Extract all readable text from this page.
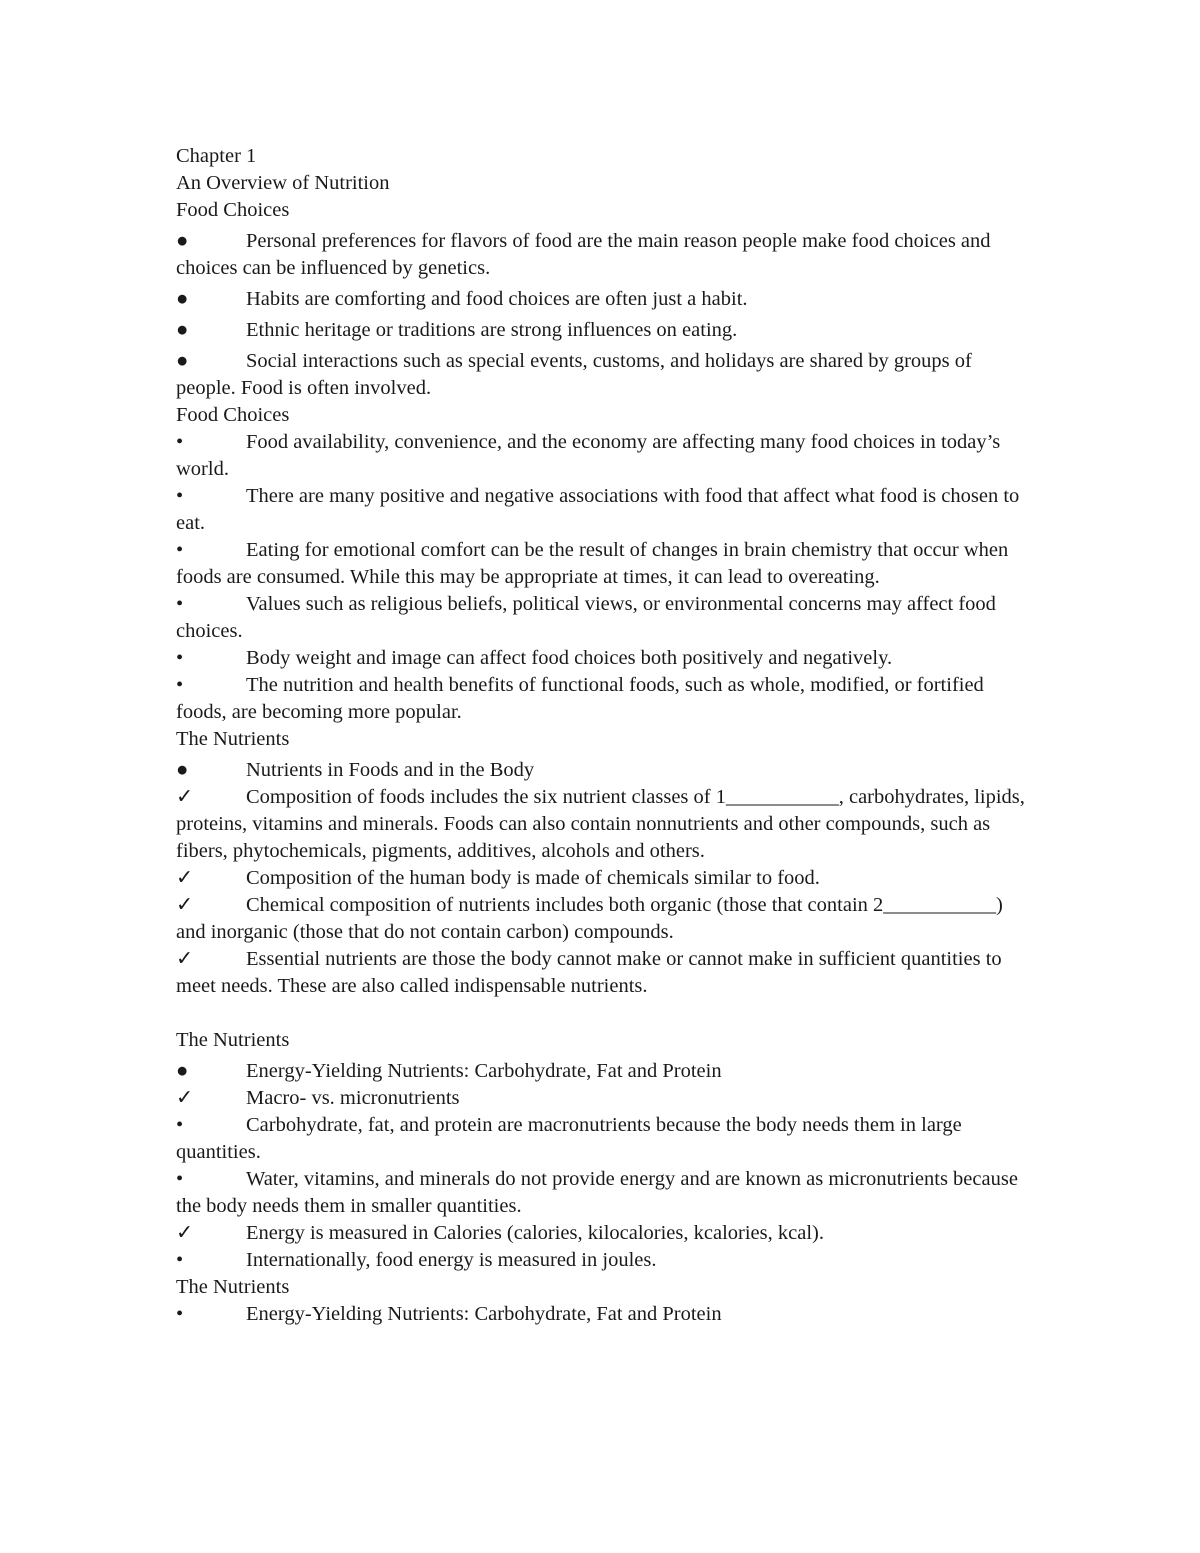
Chapter 1

An Overview of Nutrition

Food Choices

●	Personal preferences for flavors of food are the main reason people make food choices and choices can be influenced by genetics.

●	Habits are comforting and food choices are often just a habit.

●	Ethnic heritage or traditions are strong influences on eating.

●	Social interactions such as special events, customs, and holidays are shared by groups of people. Food is often involved.

Food Choices

•	Food availability, convenience, and the economy are affecting many food choices in today’s world.

•	There are many positive and negative associations with food that affect what food is chosen to eat.

•	Eating for emotional comfort can be the result of changes in brain chemistry that occur when foods are consumed. While this may be appropriate at times, it can lead to overeating.

•	Values such as religious beliefs, political views, or environmental concerns may affect food choices.

•	Body weight and image can affect food choices both positively and negatively.

•	The nutrition and health benefits of functional foods, such as whole, modified, or fortified foods, are becoming more popular.

The Nutrients

●	Nutrients in Foods and in the Body

✓	Composition of foods includes the six nutrient classes of 1___________, carbohydrates, lipids, proteins, vitamins and minerals. Foods can also contain nonnutrients and other compounds, such as fibers, phytochemicals, pigments, additives, alcohols and others.

✓	Composition of the human body is made of chemicals similar to food.

✓	Chemical composition of nutrients includes both organic (those that contain 2___________) and inorganic (those that do not contain carbon) compounds.

✓	Essential nutrients are those the body cannot make or cannot make in sufficient quantities to meet needs. These are also called indispensable nutrients.

The Nutrients

●	Energy-Yielding Nutrients: Carbohydrate, Fat and Protein

✓	Macro- vs. micronutrients

•	Carbohydrate, fat, and protein are macronutrients because the body needs them in large quantities.

•	Water, vitamins, and minerals do not provide energy and are known as micronutrients because the body needs them in smaller quantities.

✓	Energy is measured in Calories (calories, kilocalories, kcalories, kcal).

•	Internationally, food energy is measured in joules.

The Nutrients

•	Energy-Yielding Nutrients: Carbohydrate, Fat and Protein
